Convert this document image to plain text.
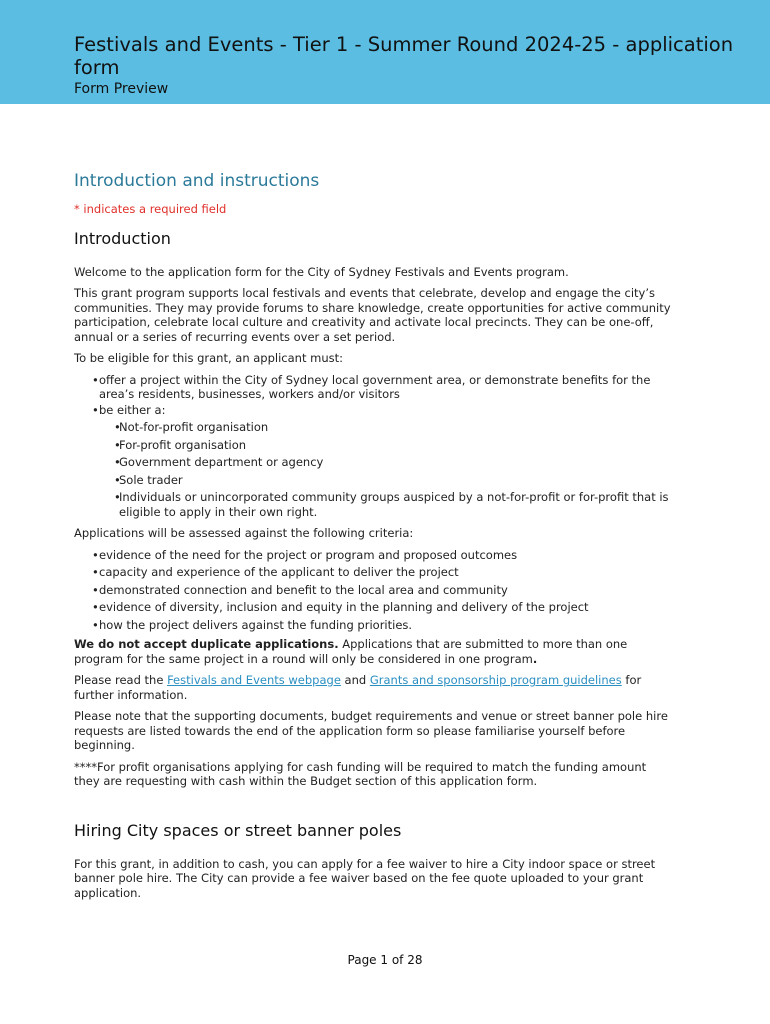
Festivals and Events - Tier 1 - Summer Round 2024-25 - application form
Form Preview
Introduction and instructions
* indicates a required field
Introduction

Welcome to the application form for the City of Sydney Festivals and Events program.

This grant program supports local festivals and events that celebrate, develop and engage the city’s communities. They may provide forums to share knowledge, create opportunities for active community participation, celebrate local culture and creativity and activate local precincts. They can be one-off, annual or a series of recurring events over a set period.

To be eligible for this grant, an applicant must:

• offer a project within the City of Sydney local government area, or demonstrate benefits for the area’s residents, businesses, workers and/or visitors
• be either a:
• Not-for-profit organisation
• For-profit organisation
• Government department or agency
• Sole trader
• Individuals or unincorporated community groups auspiced by a not-for-profit or for-profit that is eligible to apply in their own right.

Applications will be assessed against the following criteria:

• evidence of the need for the project or program and proposed outcomes
• capacity and experience of the applicant to deliver the project
• demonstrated connection and benefit to the local area and community
• evidence of diversity, inclusion and equity in the planning and delivery of the project
• how the project delivers against the funding priorities.

We do not accept duplicate applications. Applications that are submitted to more than one program for the same project in a round will only be considered in one program.

Please read the Festivals and Events webpage and Grants and sponsorship program guidelines for further information.

Please note that the supporting documents, budget requirements and venue or street banner pole hire requests are listed towards the end of the application form so please familiarise yourself before beginning.

****For profit organisations applying for cash funding will be required to match the funding amount they are requesting with cash within the Budget section of this application form.

Hiring City spaces or street banner poles

For this grant, in addition to cash, you can apply for a fee waiver to hire a City indoor space or street banner pole hire. The City can provide a fee waiver based on the fee quote uploaded to your grant application.

Page 1 of 28
